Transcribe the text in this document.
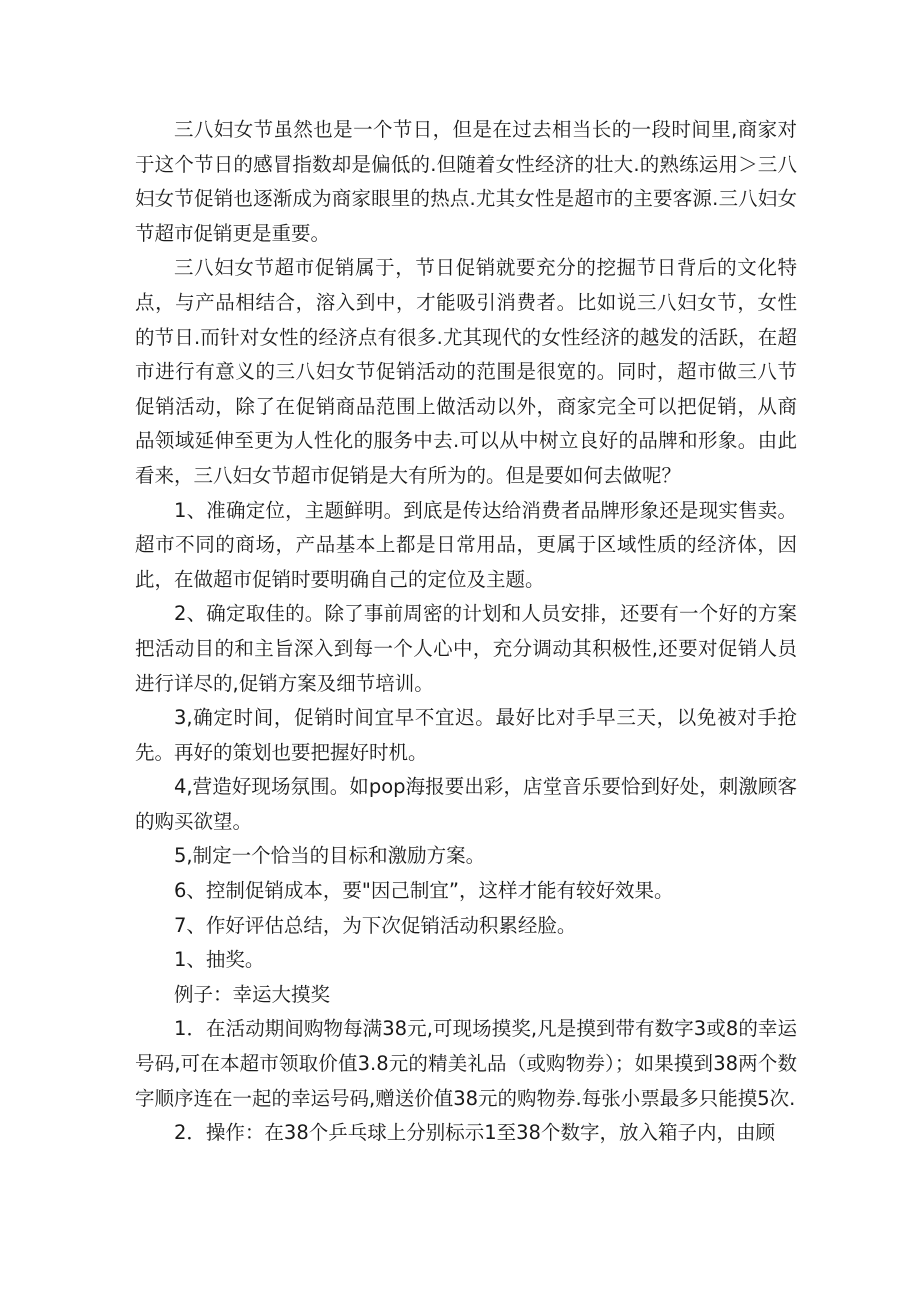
三八妇女节虽然也是一个节日，但是在过去相当长的一段时间里,商家对于这个节日的感冒指数却是偏低的.但随着女性经济的壮大.的熟练运用＞三八妇女节促销也逐渐成为商家眼里的热点.尤其女性是超市的主要客源.三八妇女节超市促销更是重要。

三八妇女节超市促销属于，节日促销就要充分的挖掘节日背后的文化特点，与产品相结合，溶入到中，才能吸引消费者。比如说三八妇女节，女性的节日.而针对女性的经济点有很多.尤其现代的女性经济的越发的活跃，在超市进行有意义的三八妇女节促销活动的范围是很宽的。同时，超市做三八节促销活动，除了在促销商品范围上做活动以外，商家完全可以把促销，从商品领域延伸至更为人性化的服务中去.可以从中树立良好的品牌和形象。由此看来，三八妇女节超市促销是大有所为的。但是要如何去做呢？

1、准确定位，主题鲜明。到底是传达给消费者品牌形象还是现实售卖。超市不同的商场，产品基本上都是日常用品，更属于区域性质的经济体，因此，在做超市促销时要明确自己的定位及主题。

2、确定取佳的。除了事前周密的计划和人员安排，还要有一个好的方案把活动目的和主旨深入到每一个人心中，充分调动其积极性,还要对促销人员进行详尽的,促销方案及细节培训。

3,确定时间，促销时间宜早不宜迟。最好比对手早三天，以免被对手抢先。再好的策划也要把握好时机。

4,营造好现场氛围。如pop海报要出彩，店堂音乐要恰到好处，刺激顾客的购买欲望。

5,制定一个恰当的目标和激励方案。

6、控制促销成本，要"因己制宜”，这样才能有较好效果。

7、作好评估总结，为下次促销活动积累经脸。

1、抽奖。

例子：幸运大摸奖

1．在活动期间购物每满38元,可现场摸奖,凡是摸到带有数字3或8的幸运号码,可在本超市领取价值3.8元的精美礼品（或购物券）；如果摸到38两个数字顺序连在一起的幸运号码,赠送价值38元的购物券.每张小票最多只能摸5次.

2．操作：在38个乒乓球上分别标示1至38个数字，放入箱子内，由顾
